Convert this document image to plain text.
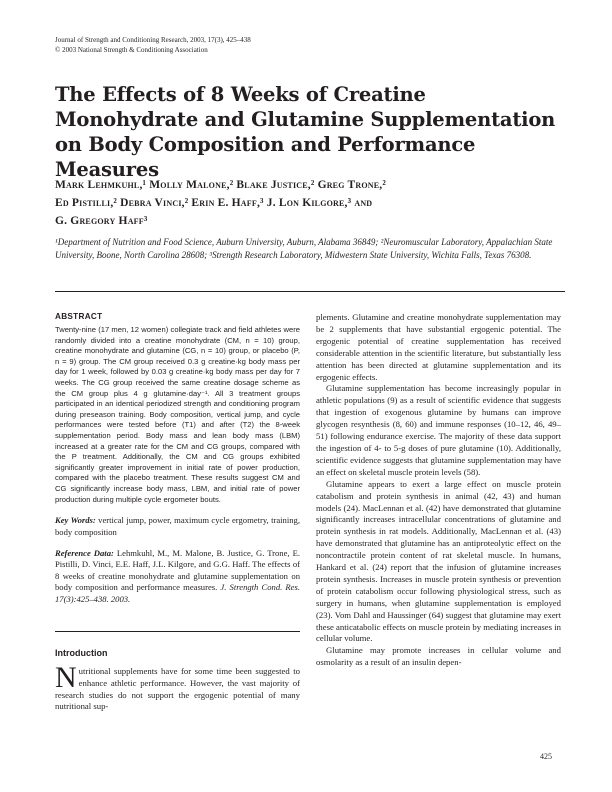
Journal of Strength and Conditioning Research, 2003, 17(3), 425–438
© 2003 National Strength & Conditioning Association
The Effects of 8 Weeks of Creatine Monohydrate and Glutamine Supplementation on Body Composition and Performance Measures
Mark Lehmkuhl,¹ Molly Malone,² Blake Justice,² Greg Trone,²
Ed Pistilli,² Debra Vinci,² Erin E. Haff,³ J. Lon Kilgore,³ and
G. Gregory Haff³
¹Department of Nutrition and Food Science, Auburn University, Auburn, Alabama 36849; ²Neuromuscular Laboratory, Appalachian State University, Boone, North Carolina 28608; ³Strength Research Laboratory, Midwestern State University, Wichita Falls, Texas 76308.
ABSTRACT

Twenty-nine (17 men, 12 women) collegiate track and field athletes were randomly divided into a creatine monohydrate (CM, n = 10) group, creatine monohydrate and glutamine (CG, n = 10) group, or placebo (P, n = 9) group. The CM group received 0.3 g creatine·kg body mass per day for 1 week, followed by 0.03 g creatine·kg body mass per day for 7 weeks. The CG group received the same creatine dosage scheme as the CM group plus 4 g glutamine·day⁻¹. All 3 treatment groups participated in an identical periodized strength and conditioning program during preseason training. Body composition, vertical jump, and cycle performances were tested before (T1) and after (T2) the 8-week supplementation period. Body mass and lean body mass (LBM) increased at a greater rate for the CM and CG groups, compared with the P treatment. Additionally, the CM and CG groups exhibited significantly greater improvement in initial rate of power production, compared with the placebo treatment. These results suggest CM and CG significantly increase body mass, LBM, and initial rate of power production during multiple cycle ergometer bouts.

Key Words: vertical jump, power, maximum cycle ergometry, training, body composition

Reference Data: Lehmkuhl, M., M. Malone, B. Justice, G. Trone, E. Pistilli, D. Vinci, E.E. Haff, J.L. Kilgore, and G.G. Haff. The effects of 8 weeks of creatine monohydrate and glutamine supplementation on body composition and performance measures. J. Strength Cond. Res. 17(3):425–438. 2003.

Introduction

Nutritional supplements have for some time been suggested to enhance athletic performance. However, the vast majority of research studies do not support the ergogenic potential of many nutritional sup-

plements. Glutamine and creatine monohydrate supplementation may be 2 supplements that have substantial ergogenic potential. The ergogenic potential of creatine supplementation has received considerable attention in the scientific literature, but substantially less attention has been directed at glutamine supplementation and its ergogenic effects.

Glutamine supplementation has become increasingly popular in athletic populations (9) as a result of scientific evidence that suggests that ingestion of exogenous glutamine by humans can improve glycogen resynthesis (8, 60) and immune responses (10–12, 46, 49–51) following endurance exercise. The majority of these data support the ingestion of 4- to 5-g doses of pure glutamine (10). Additionally, scientific evidence suggests that glutamine supplementation may have an effect on skeletal muscle protein levels (58).

Glutamine appears to exert a large effect on muscle protein catabolism and protein synthesis in animal (42, 43) and human models (24). MacLennan et al. (42) have demonstrated that glutamine significantly increases intracellular concentrations of glutamine and protein synthesis in rat models. Additionally, MacLennan et al. (43) have demonstrated that glutamine has an antiproteolytic effect on the noncontractile protein content of rat skeletal muscle. In humans, Hankard et al. (24) report that the infusion of glutamine increases protein synthesis. Increases in muscle protein synthesis or prevention of protein catabolism occur following physiological stress, such as surgery in humans, when glutamine supplementation is employed (23). Vom Dahl and Haussinger (64) suggest that glutamine may exert these anticatabolic effects on muscle protein by mediating increases in cellular volume.

Glutamine may promote increases in cellular volume and osmolarity as a result of an insulin depen-

425
